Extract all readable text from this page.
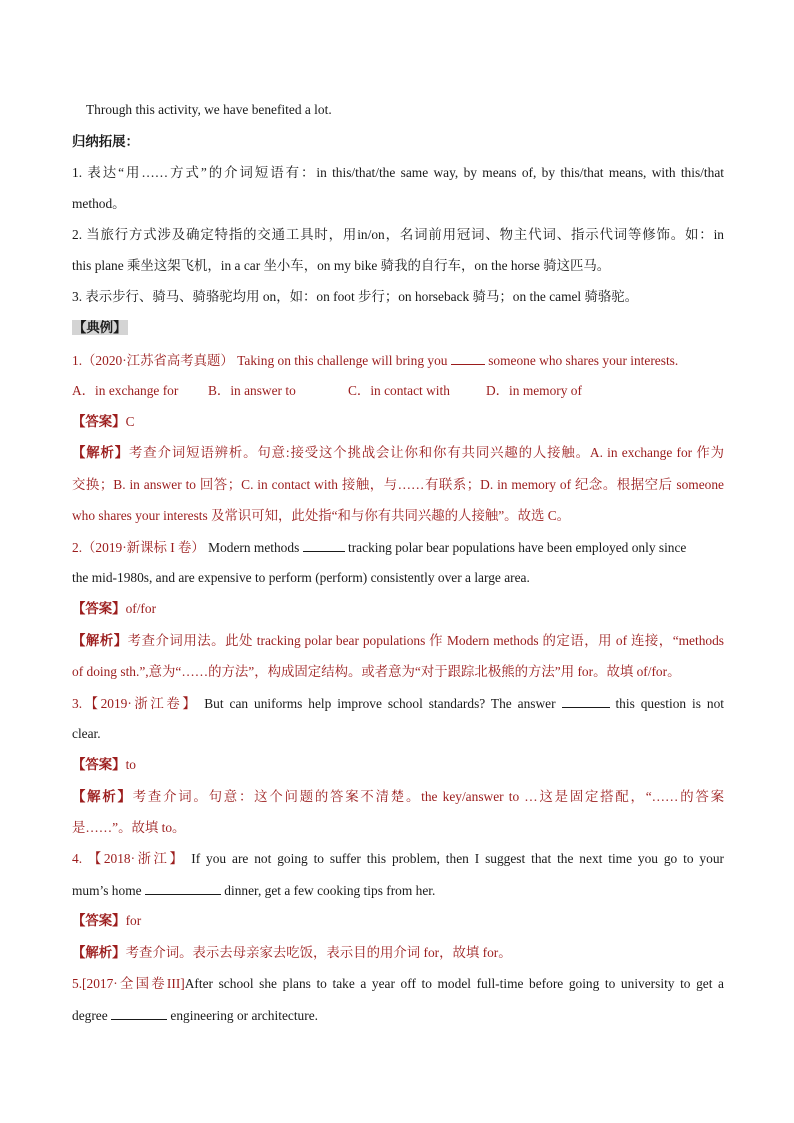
Through this activity, we have benefited a lot.
归纳拓展：
1. 表达“用……方式”的介词短语有：in this/that/the same way, by means of, by this/that means, with this/that
method。
2. 当旅行方式涉及确定特指的交通工具时，用in/on，名词前用冠词、物主代词、指示代词等修饰。如：in
this plane 乘坐这架飞机，in a car 坐小车，on my bike 骑我的自行车，on the horse 骑这匹马。
3. 表示步行、骑马、骑骆驼均用 on，如：on foot 步行；on horseback 骑马；on the camel 骑骆驼。
【典例】
1.（2020·江苏省高考真题） Taking on this challenge will bring you	someone who shares your interests.
A．in exchange for B．in answer to	C．in contact with	D．in memory of
【答案】C
【解析】考查介词短语辨析。句意:接受这个挑战会让你和你有共同兴趣的人接触。A. in exchange for 作为
交换；B. in answer to 回答；C. in contact with 接触，与……有联系；D. in memory of 纪念。根据空后 someone
who shares your interests 及常识可知，此处指“和与你有共同兴趣的人接触”。故选 C。
2.（2019·新课标 I 卷） Modern methods	tracking polar bear populations have been employed only since
the mid-1980s, and are expensive to perform (perform) consistently over a large area.
【答案】of/for
【解析】考查介词用法。此处 tracking polar bear populations 作 Modern methods 的定语，用 of 连接，“methods
of doing sth.”,意为“……的方法”，构成固定结构。或者意为“对于跟踪北极熊的方法”用 for。故填 of/for。
3.【2019·浙江卷】 But can uniforms help improve school standards? The answer	this question is not
clear.
【答案】to
【解析】考查介词。句意：这个问题的答案不清楚。the key/answer to …这是固定搭配，“……的答案
是……”。故填 to。
4. 【2018·浙江】 If you are not going to suffer this problem, then I suggest that the next time you go to your
mum’s home	dinner, get a few cooking tips from her.
【答案】for
【解析】考查介词。表示去母亲家去吃饭，表示目的用介词 for，故填 for。
5.[2017·全国卷III]After school she plans to take a year off to model full-time before going to university to get a
degree	engineering or architecture.
